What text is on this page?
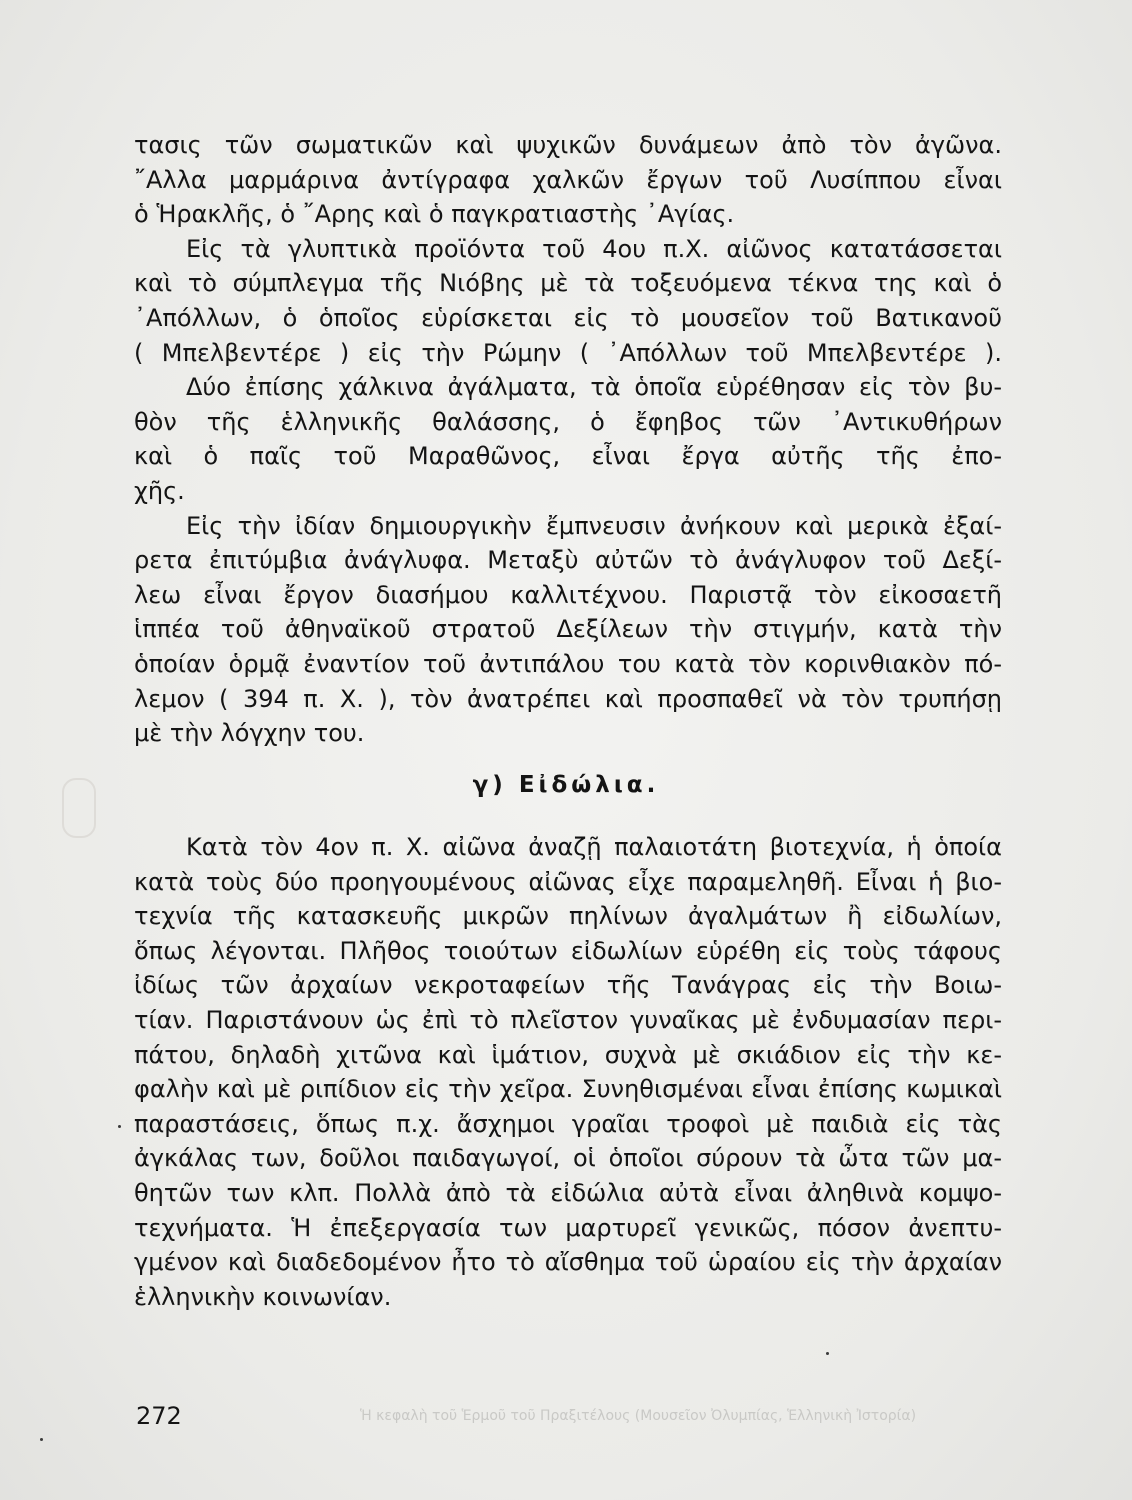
τασις τῶν σωματικῶν καὶ ψυχικῶν δυνάμεων ἀπὸ τὸν ἀγῶνα.
῎Αλλα μαρμάρινα ἀντίγραφα χαλκῶν ἔργων τοῦ Λυσίππου εἶναι
ὁ Ἡρακλῆς, ὁ ῎Αρης καὶ ὁ παγκρατιαστὴς ᾿Αγίας.
Εἰς τὰ γλυπτικὰ προϊόντα τοῦ 4ου π.Χ. αἰῶνος κατατάσσεται
καὶ τὸ σύμπλεγμα τῆς Νιόβης μὲ τὰ τοξευόμενα τέκνα της καὶ ὁ
᾿Απόλλων, ὁ ὁποῖος εὑρίσκεται εἰς τὸ μουσεῖον τοῦ Βατικανοῦ
( Μπελβεντέρε ) εἰς τὴν Ρώμην ( ᾿Απόλλων τοῦ Μπελβεντέρε ).
Δύο ἐπίσης χάλκινα ἀγάλματα, τὰ ὁποῖα εὑρέθησαν εἰς τὸν βυ-
θὸν τῆς ἑλληνικῆς θαλάσσης, ὁ ἔφηβος τῶν ᾿Αντικυθήρων
καὶ ὁ παῖς τοῦ Μαραθῶνος, εἶναι ἔργα αὐτῆς τῆς ἐπο-
χῆς.
Εἰς τὴν ἰδίαν δημιουργικὴν ἔμπνευσιν ἀνήκουν καὶ μερικὰ ἐξαί-
ρετα ἐπιτύμβια ἀνάγλυφα. Μεταξὺ αὐτῶν τὸ ἀνάγλυφον τοῦ Δεξί-
λεω εἶναι ἔργον διασήμου καλλιτέχνου. Παριστᾷ τὸν εἰκοσαετῆ
ἱππέα τοῦ ἀθηναϊκοῦ στρατοῦ Δεξίλεων τὴν στιγμήν, κατὰ τὴν
ὁποίαν ὁρμᾷ ἐναντίον τοῦ ἀντιπάλου του κατὰ τὸν κορινθιακὸν πό-
λεμον ( 394 π. Χ. ), τὸν ἀνατρέπει καὶ προσπαθεῖ νὰ τὸν τρυπήσῃ
μὲ τὴν λόγχην του.
γ) Εἰδώλια.
Κατὰ τὸν 4ον π. Χ. αἰῶνα ἀναζῇ παλαιοτάτη βιοτεχνία, ἡ ὁποία
κατὰ τοὺς δύο προηγουμένους αἰῶνας εἶχε παραμεληθῆ. Εἶναι ἡ βιο-
τεχνία τῆς κατασκευῆς μικρῶν πηλίνων ἀγαλμάτων ἢ εἰδωλίων,
ὅπως λέγονται. Πλῆθος τοιούτων εἰδωλίων εὑρέθη εἰς τοὺς τάφους
ἰδίως τῶν ἀρχαίων νεκροταφείων τῆς Τανάγρας εἰς τὴν Βοιω-
τίαν. Παριστάνουν ὡς ἐπὶ τὸ πλεῖστον γυναῖκας μὲ ἐνδυμασίαν περι-
πάτου, δηλαδὴ χιτῶνα καὶ ἱμάτιον, συχνὰ μὲ σκιάδιον εἰς τὴν κε-
φαλὴν καὶ μὲ ριπίδιον εἰς τὴν χεῖρα. Συνηθισμέναι εἶναι ἐπίσης κωμικαὶ
παραστάσεις, ὅπως π.χ. ἄσχημοι γραῖαι τροφοὶ μὲ παιδιὰ εἰς τὰς
ἀγκάλας των, δοῦλοι παιδαγωγοί, οἱ ὁποῖοι σύρουν τὰ ὦτα τῶν μα-
θητῶν των κλπ. Πολλὰ ἀπὸ τὰ εἰδώλια αὐτὰ εἶναι ἀληθινὰ κομψο-
τεχνήματα. Ἡ ἐπεξεργασία των μαρτυρεῖ γενικῶς, πόσον ἀνεπτυ-
γμένον καὶ διαδεδομένον ἦτο τὸ αἴσθημα τοῦ ὡραίου εἰς τὴν ἀρχαίαν
ἑλληνικὴν κοινωνίαν.
272	Ἡ κεφαλὴ τοῦ Ἑρμοῦ τοῦ Πραξιτέλους (Μουσεῖον Ὀλυμπίας, Ἑλληνικὴ Ἰστορία)
